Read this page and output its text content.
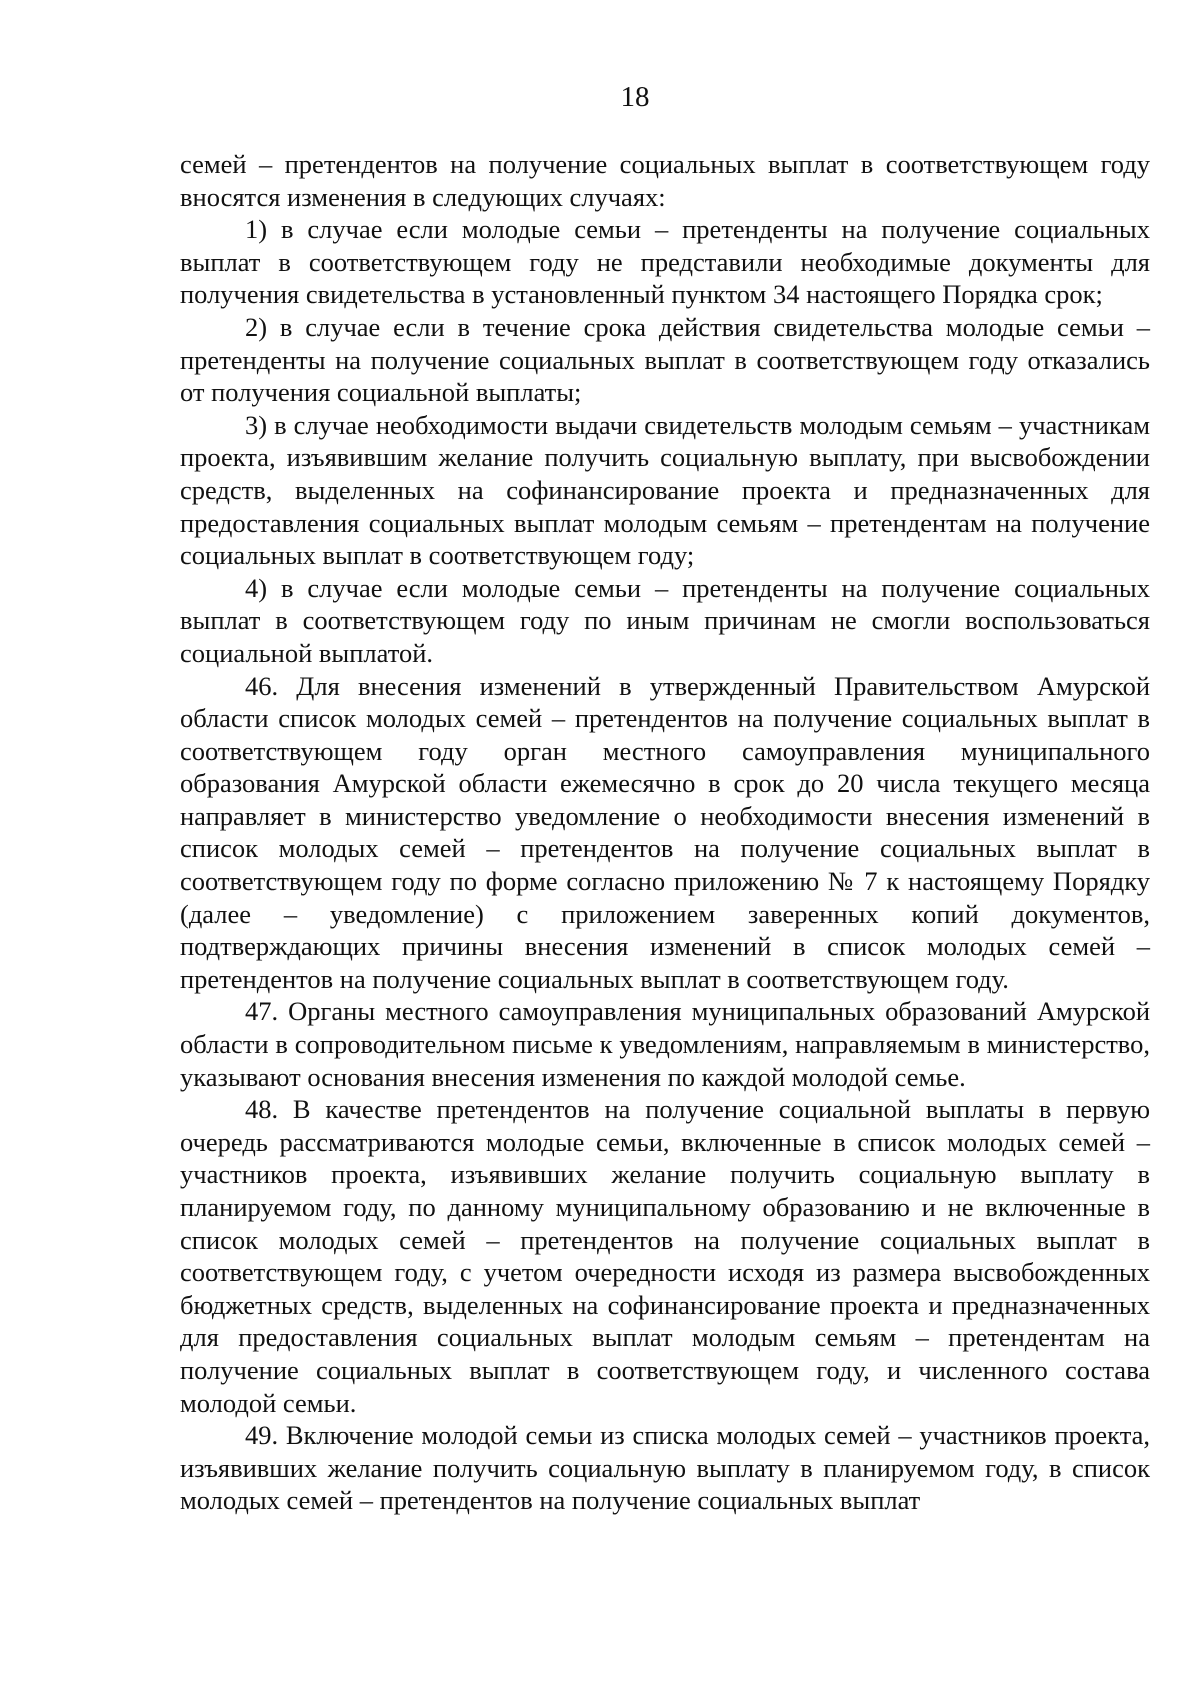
18

семей – претендентов на получение социальных выплат в соответствующем году вносятся изменения в следующих случаях:

1) в случае если молодые семьи – претенденты на получение социальных выплат в соответствующем году не представили необходимые документы для получения свидетельства в установленный пунктом 34 настоящего Порядка срок;

2) в случае если в течение срока действия свидетельства молодые семьи – претенденты на получение социальных выплат в соответствующем году отказались от получения социальной выплаты;

3) в случае необходимости выдачи свидетельств молодым семьям – участникам проекта, изъявившим желание получить социальную выплату, при высвобождении средств, выделенных на софинансирование проекта и предназначенных для предоставления социальных выплат молодым семьям – претендентам на получение социальных выплат в соответствующем году;

4) в случае если молодые семьи – претенденты на получение социальных выплат в соответствующем году по иным причинам не смогли воспользоваться социальной выплатой.

46. Для внесения изменений в утвержденный Правительством Амурской области список молодых семей – претендентов на получение социальных выплат в соответствующем году орган местного самоуправления муниципального образования Амурской области ежемесячно в срок до 20 числа текущего месяца направляет в министерство уведомление о необходимости внесения изменений в список молодых семей – претендентов на получение социальных выплат в соответствующем году по форме согласно приложению № 7 к настоящему Порядку (далее – уведомление) с приложением заверенных копий документов, подтверждающих причины внесения изменений в список молодых семей – претендентов на получение социальных выплат в соответствующем году.

47. Органы местного самоуправления муниципальных образований Амурской области в сопроводительном письме к уведомлениям, направляемым в министерство, указывают основания внесения изменения по каждой молодой семье.

48. В качестве претендентов на получение социальной выплаты в первую очередь рассматриваются молодые семьи, включенные в список молодых семей – участников проекта, изъявивших желание получить социальную выплату в планируемом году, по данному муниципальному образованию и не включенные в список молодых семей – претендентов на получение социальных выплат в соответствующем году, с учетом очередности исходя из размера высвобожденных бюджетных средств, выделенных на софинансирование проекта и предназначенных для предоставления социальных выплат молодым семьям – претендентам на получение социальных выплат в соответствующем году, и численного состава молодой семьи.

49. Включение молодой семьи из списка молодых семей – участников проекта, изъявивших желание получить социальную выплату в планируемом году, в список молодых семей – претендентов на получение социальных выплат
